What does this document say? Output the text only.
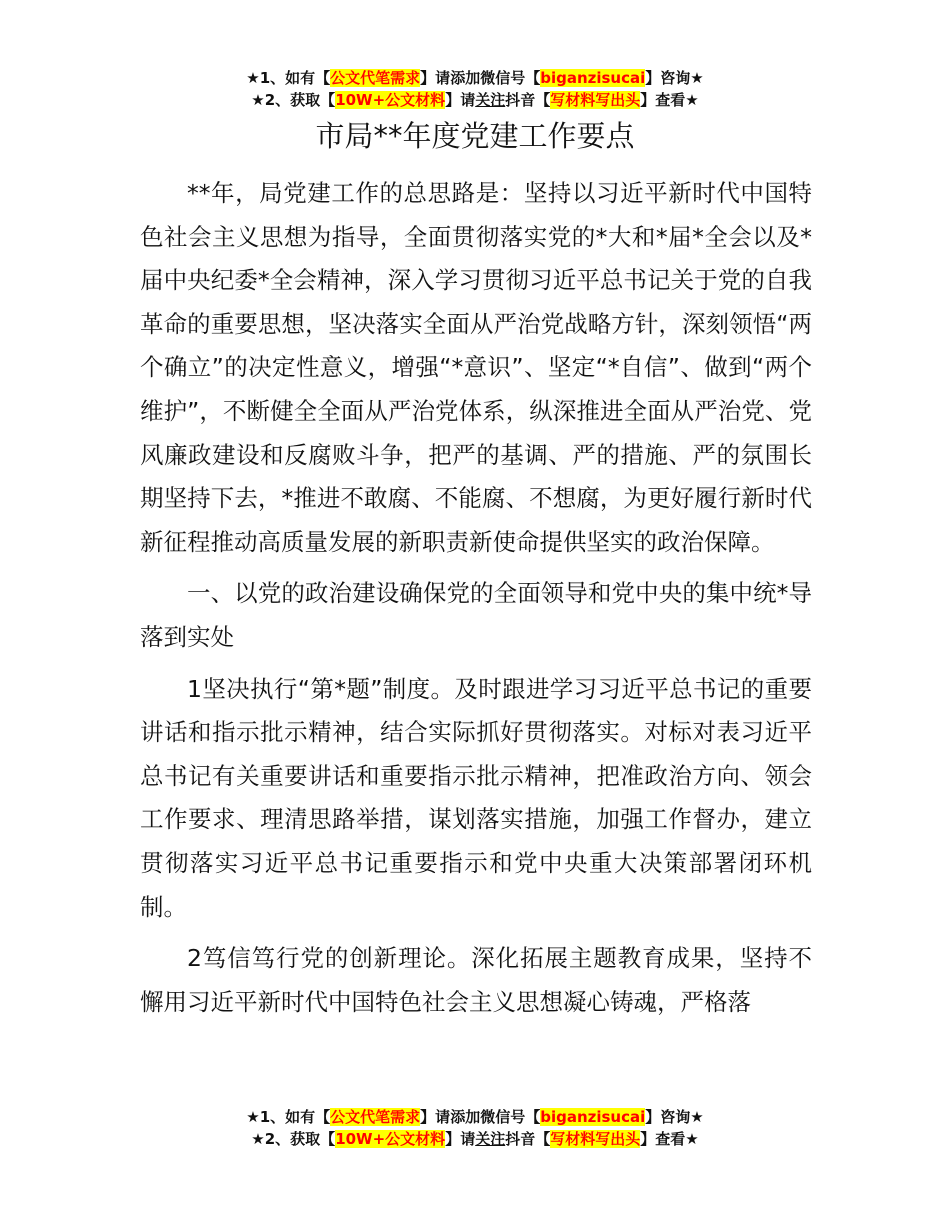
★1、如有【公文代笔需求】请添加微信号【biganzisucai】咨询★
★2、获取【10W+公文材料】请关注抖音【写材料写出头】查看★
市局**年度党建工作要点

**年，局党建工作的总思路是：坚持以习近平新时代中国特色社会主义思想为指导，全面贯彻落实党的*大和*届*全会以及*届中央纪委*全会精神，深入学习贯彻习近平总书记关于党的自我革命的重要思想，坚决落实全面从严治党战略方针，深刻领悟“两个确立”的决定性意义，增强“*意识”、坚定“*自信”、做到“两个维护”，不断健全全面从严治党体系，纵深推进全面从严治党、党风廉政建设和反腐败斗争，把严的基调、严的措施、严的氛围长期坚持下去，*推进不敢腐、不能腐、不想腐，为更好履行新时代新征程推动高质量发展的新职责新使命提供坚实的政治保障。

一、以党的政治建设确保党的全面领导和党中央的集中统*导落到实处

1坚决执行“第*题”制度。及时跟进学习习近平总书记的重要讲话和指示批示精神，结合实际抓好贯彻落实。对标对表习近平总书记有关重要讲话和重要指示批示精神，把准政治方向、领会工作要求、理清思路举措，谋划落实措施，加强工作督办，建立贯彻落实习近平总书记重要指示和党中央重大决策部署闭环机制。

2笃信笃行党的创新理论。深化拓展主题教育成果，坚持不懈用习近平新时代中国特色社会主义思想凝心铸魂，严格落

★1、如有【公文代笔需求】请添加微信号【biganzisucai】咨询★
★2、获取【10W+公文材料】请关注抖音【写材料写出头】查看★
